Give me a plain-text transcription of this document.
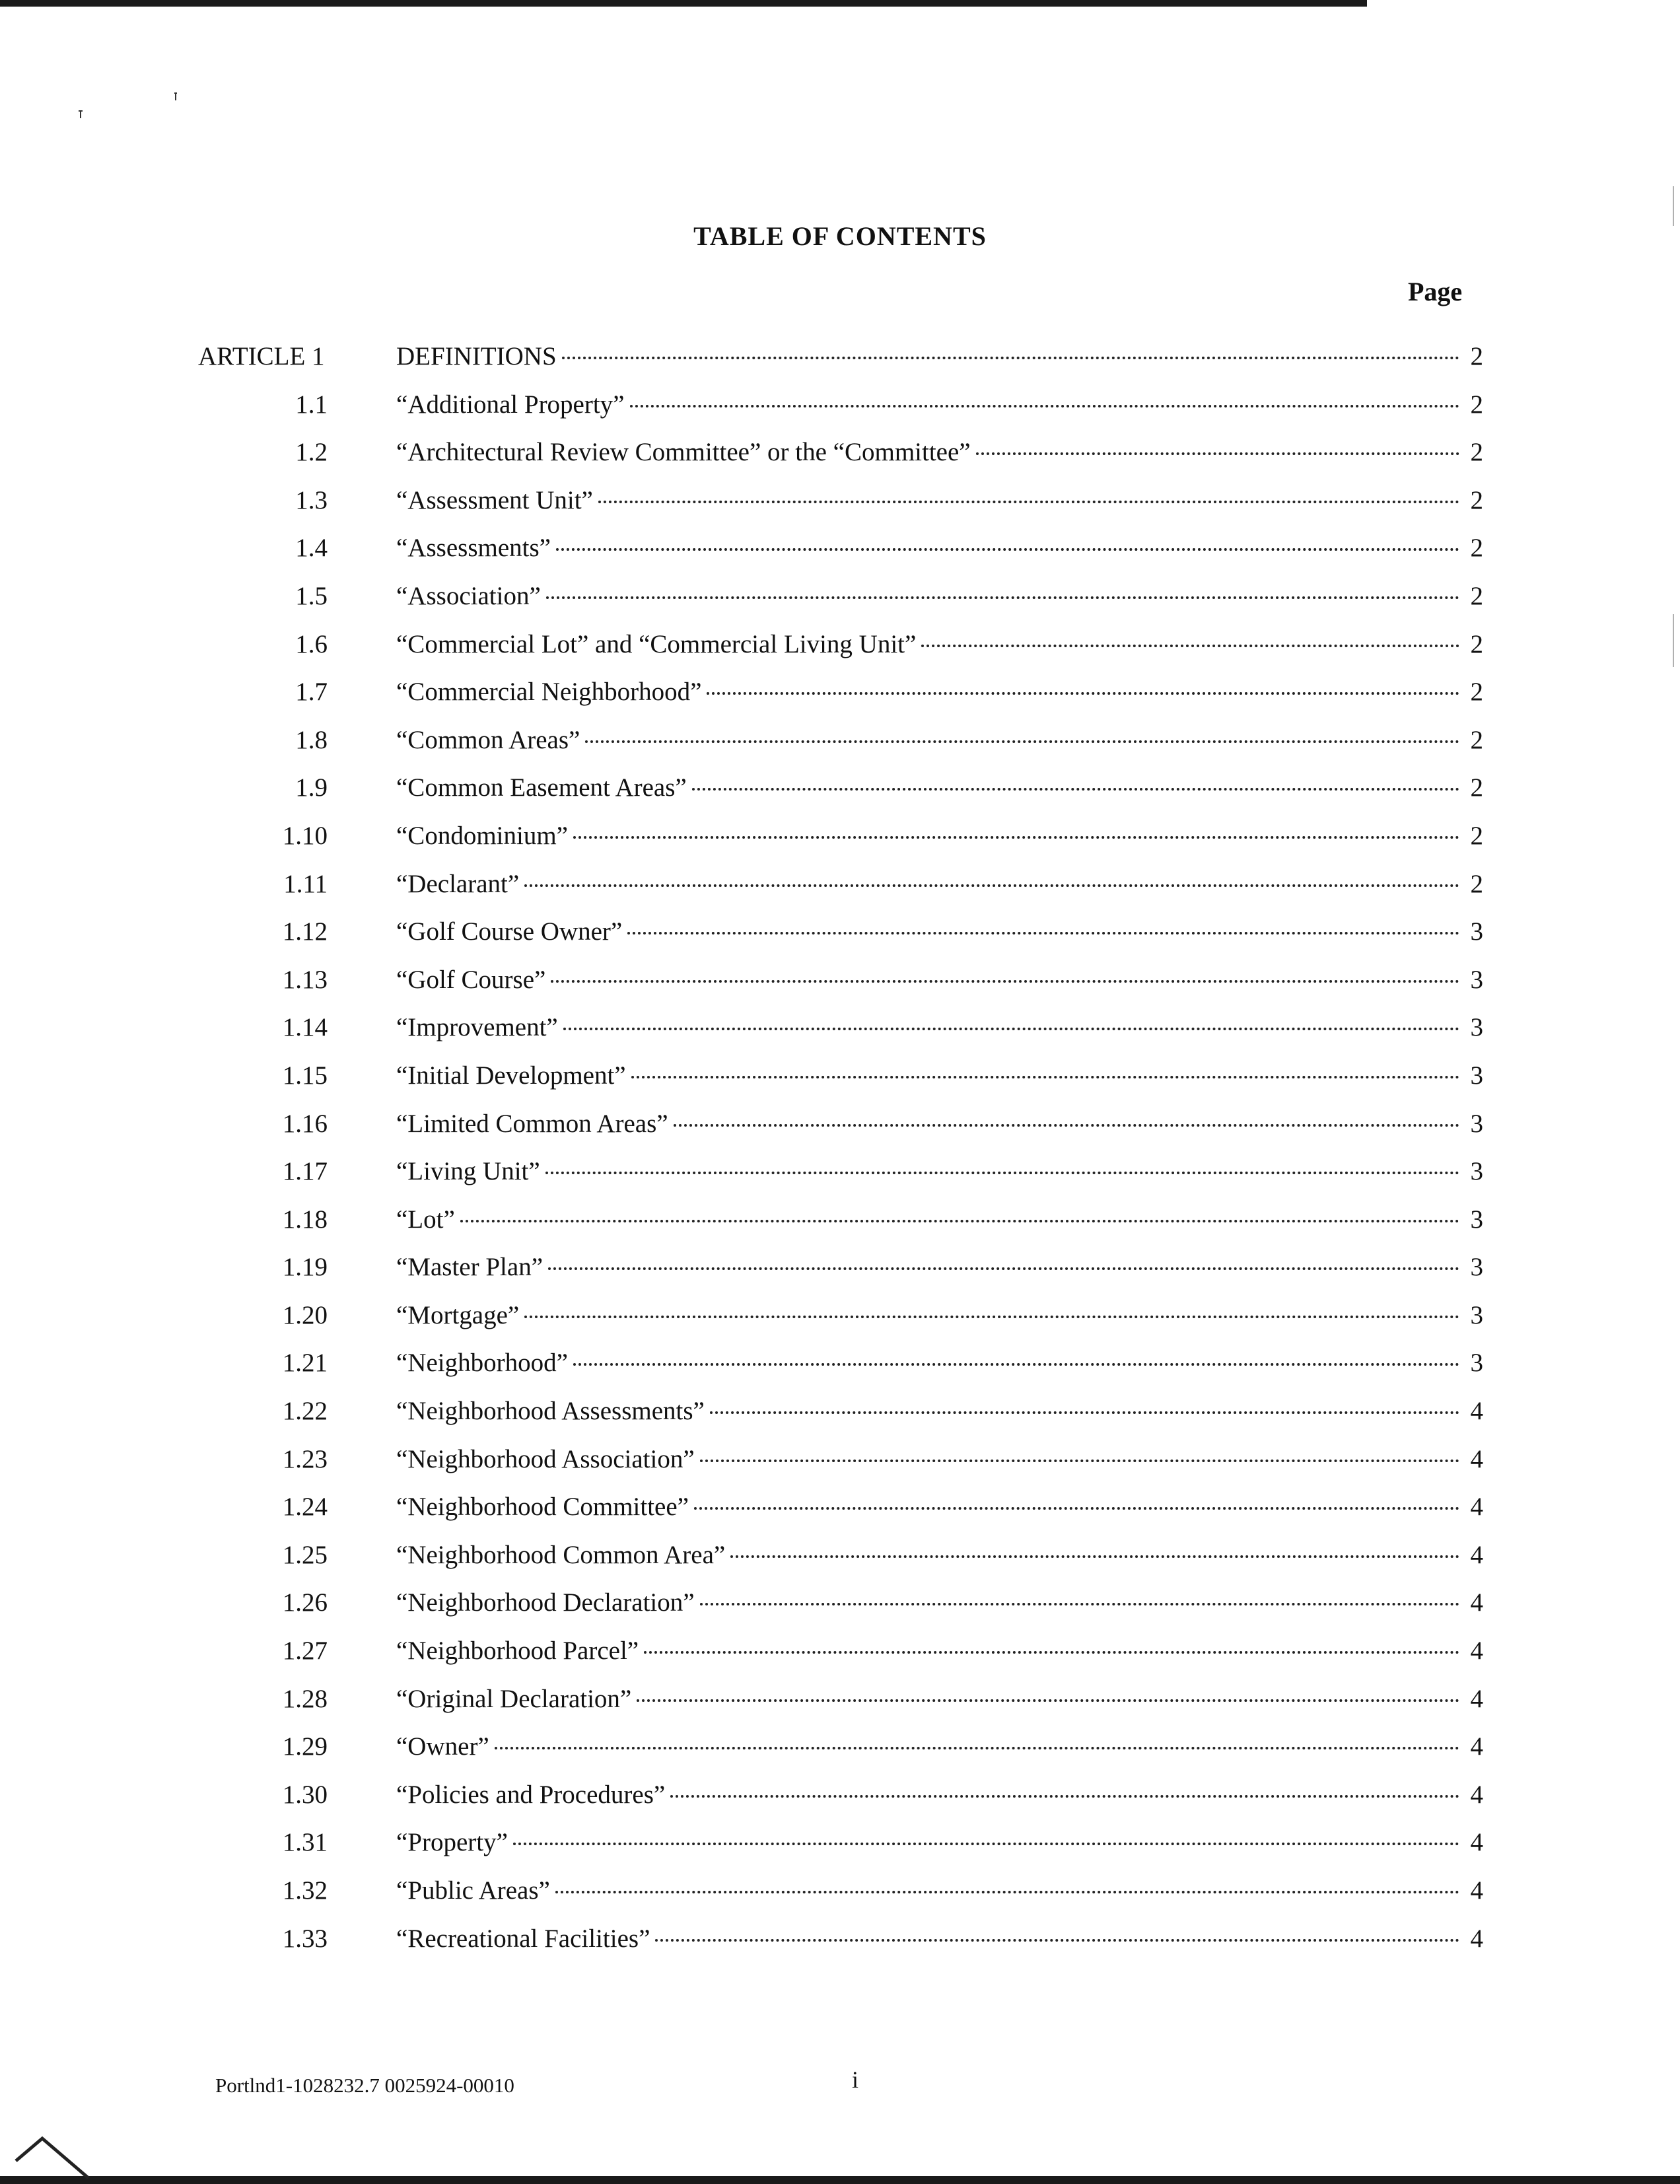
TABLE OF CONTENTS
Page
ARTICLE 1	DEFINITIONS	2
1.1	“Additional Property”	2
1.2	“Architectural Review Committee” or the “Committee”	2
1.3	“Assessment Unit”	2
1.4	“Assessments”	2
1.5	“Association”	2
1.6	“Commercial Lot” and “Commercial Living Unit”	2
1.7	“Commercial Neighborhood”	2
1.8	“Common Areas”	2
1.9	“Common Easement Areas”	2
1.10	“Condominium”	2
1.11	“Declarant”	2
1.12	“Golf Course Owner”	3
1.13	“Golf Course”	3
1.14	“Improvement”	3
1.15	“Initial Development”	3
1.16	“Limited Common Areas”	3
1.17	“Living Unit”	3
1.18	“Lot”	3
1.19	“Master Plan”	3
1.20	“Mortgage”	3
1.21	“Neighborhood”	3
1.22	“Neighborhood Assessments”	4
1.23	“Neighborhood Association”	4
1.24	“Neighborhood Committee”	4
1.25	“Neighborhood Common Area”	4
1.26	“Neighborhood Declaration”	4
1.27	“Neighborhood Parcel”	4
1.28	“Original Declaration”	4
1.29	“Owner”	4
1.30	“Policies and Procedures”	4
1.31	“Property”	4
1.32	“Public Areas”	4
1.33	“Recreational Facilities”	4
Portlnd1-1028232.7 0025924-00010	i
